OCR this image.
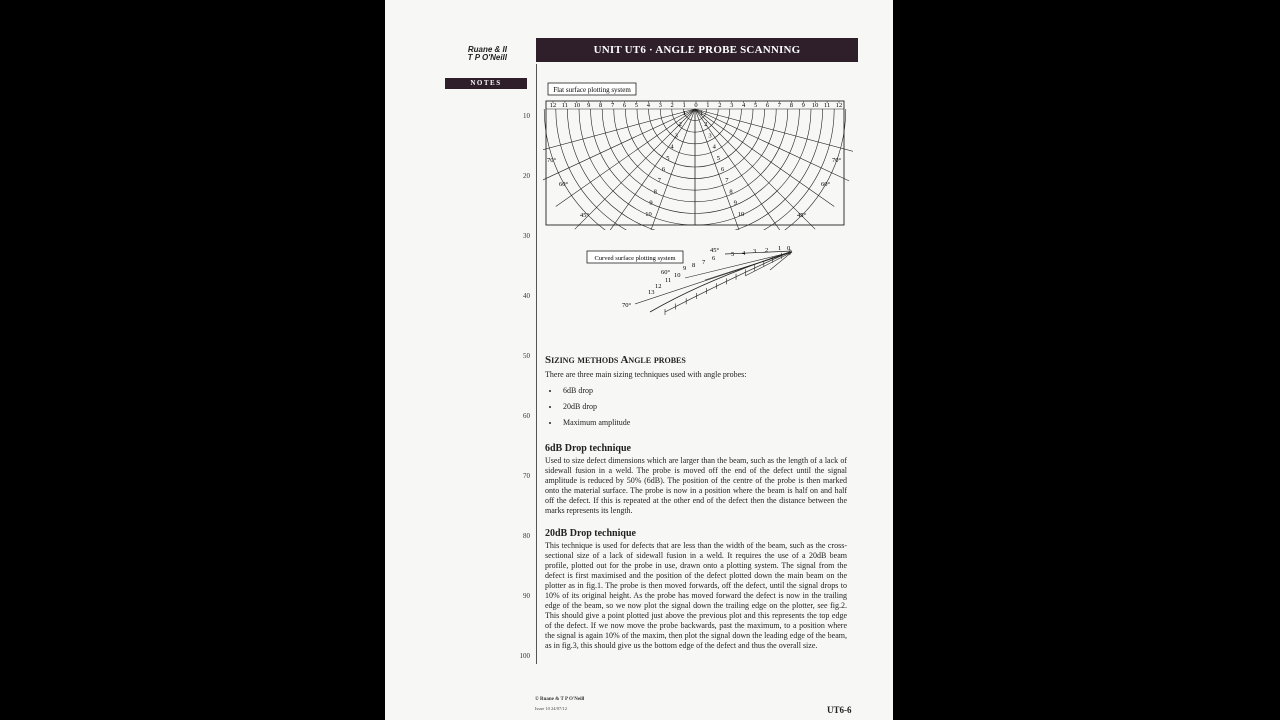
Ruane & II
T P O'Neill
UNIT UT6 · ANGLE PROBE SCANNING
NOTES
10
20
30
40
50
60
70
80
90
100
Flat surface plotting system
12 11 10 9 8 7 6 5 4 3 2 1 0 1 2 3 4 5 6 7 8 9 10 11 12
1 1
2	2
3	3
4	4
5	5
6	6
7	7
8	8
9	9
10	10
70°
60°
45°
70°
60°
45°
Curved surface plotting system
45°
5 4 3 2 1 0
60°
9 8 7
6
10
11
12
13
70°
Sizing methods Angle probes

There are three main sizing techniques used with angle probes:

• 6dB drop
• 20dB drop
• Maximum amplitude
6dB Drop technique

Used to size defect dimensions which are larger than the beam, such as the length of a lack of sidewall fusion in a weld. The probe is moved off the end of the defect until the signal amplitude is reduced by 50% (6dB). The position of the centre of the probe is then marked onto the material surface. The probe is now in a position where the beam is half on and half off the defect. If this is repeated at the other end of the defect then the distance between the marks represents its length.

20dB Drop technique

This technique is used for defects that are less than the width of the beam, such as the cross-sectional size of a lack of sidewall fusion in a weld. It requires the use of a 20dB beam profile, plotted out for the probe in use, drawn onto a plotting system. The signal from the defect is first maximised and the position of the defect plotted down the main beam on the plotter as in fig.1. The probe is then moved forwards, off the defect, until the signal drops to 10% of its original height. As the probe has moved forward the defect is now in the trailing edge of the beam, so we now plot the signal down the trailing edge on the plotter, see fig.2. This should give a point plotted just above the previous plot and this represents the top edge of the defect. If we now move the probe backwards, past the maximum, to a position where the signal is again 10% of the maxim, then plot the signal down the leading edge of the beam, as in fig.3, this should give us the bottom edge of the defect and thus the overall size.

© Ruane & T P O'Neill
Issue 10 24/07/12	UT6-6
